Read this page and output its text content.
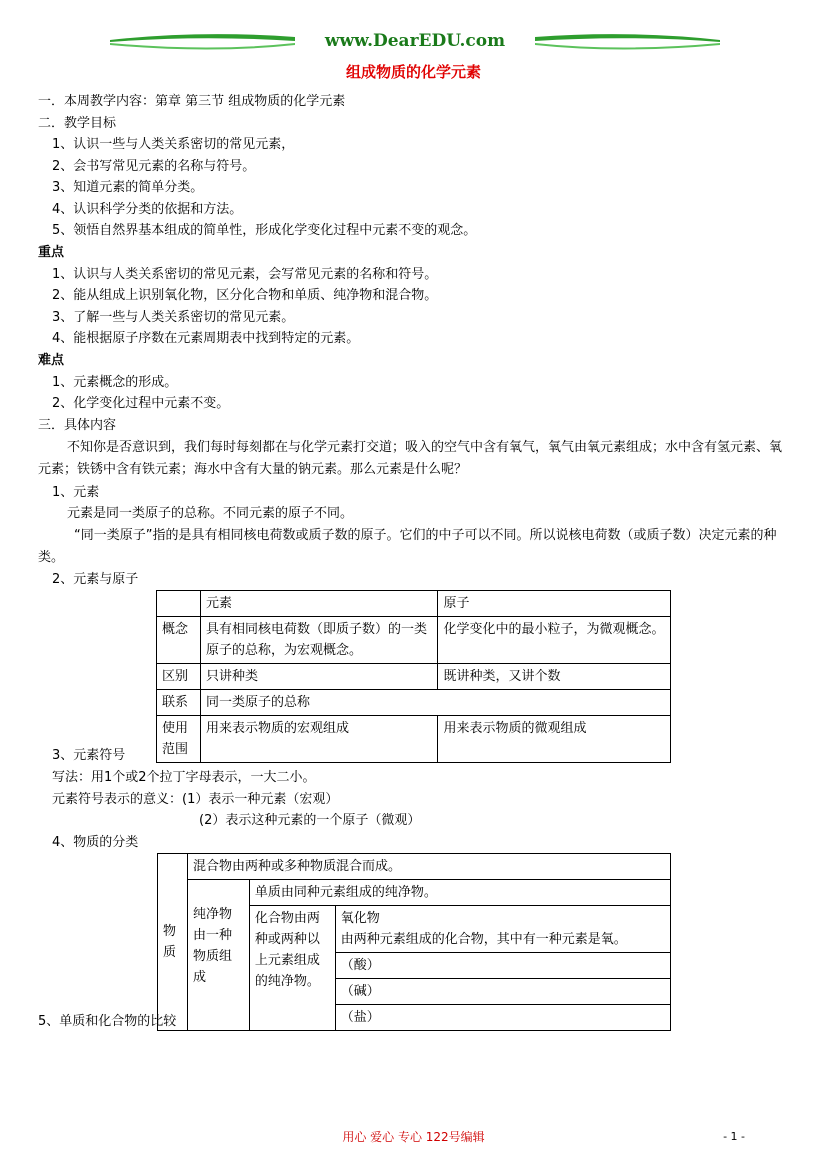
www.DearEDU.com
组成物质的化学元素
一．本周教学内容：第章 第三节 组成物质的化学元素
二．教学目标
1、认识一些与人类关系密切的常见元素，
2、会书写常见元素的名称与符号。
3、知道元素的简单分类。
4、认识科学分类的依据和方法。
5、领悟自然界基本组成的简单性，形成化学变化过程中元素不变的观念。
重点
1、认识与人类关系密切的常见元素，会写常见元素的名称和符号。
2、能从组成上识别氧化物，区分化合物和单质、纯净物和混合物。
3、了解一些与人类关系密切的常见元素。
4、能根据原子序数在元素周期表中找到特定的元素。
难点
1、元素概念的形成。
2、化学变化过程中元素不变。
三．具体内容
不知你是否意识到，我们每时每刻都在与化学元素打交道；吸入的空气中含有氧气，氧气由氧元素组成；水中含有氢元素、氧元素；铁锈中含有铁元素；海水中含有大量的钠元素。那么元素是什么呢？
1、元素
元素是同一类原子的总称。不同元素的原子不同。
“同一类原子”指的是具有相同核电荷数或质子数的原子。它们的中子可以不同。所以说核电荷数（或质子数）决定元素的种类。
2、元素与原子
	元素	原子
概念	具有相同核电荷数（即质子数）的一类原子的总称，为宏观概念。	化学变化中的最小粒子，为微观概念。
区别	只讲种类	既讲种类，又讲个数
联系	同一类原子的总称	
使用范围	用来表示物质的宏观组成	用来表示物质的微观组成
3、元素符号
写法：用1个或2个拉丁字母表示，一大二小。
元素符号表示的意义：(1）表示一种元素（宏观）
(2）表示这种元素的一个原子（微观）
4、物质的分类
物质	混合物由两种或多种物质混合而成。		
	纯净物由一种物质组成	单质由同种元素组成的纯净物。	
		化合物由两种或两种以上元素组成的纯净物。	氧化物
由两种元素组成的化合物，其中有一种元素是氧。

			（酸）
			（碱）
			（盐）
5、单质和化合物的比较
用心 爱心 专心 122号编辑	- 1 -
